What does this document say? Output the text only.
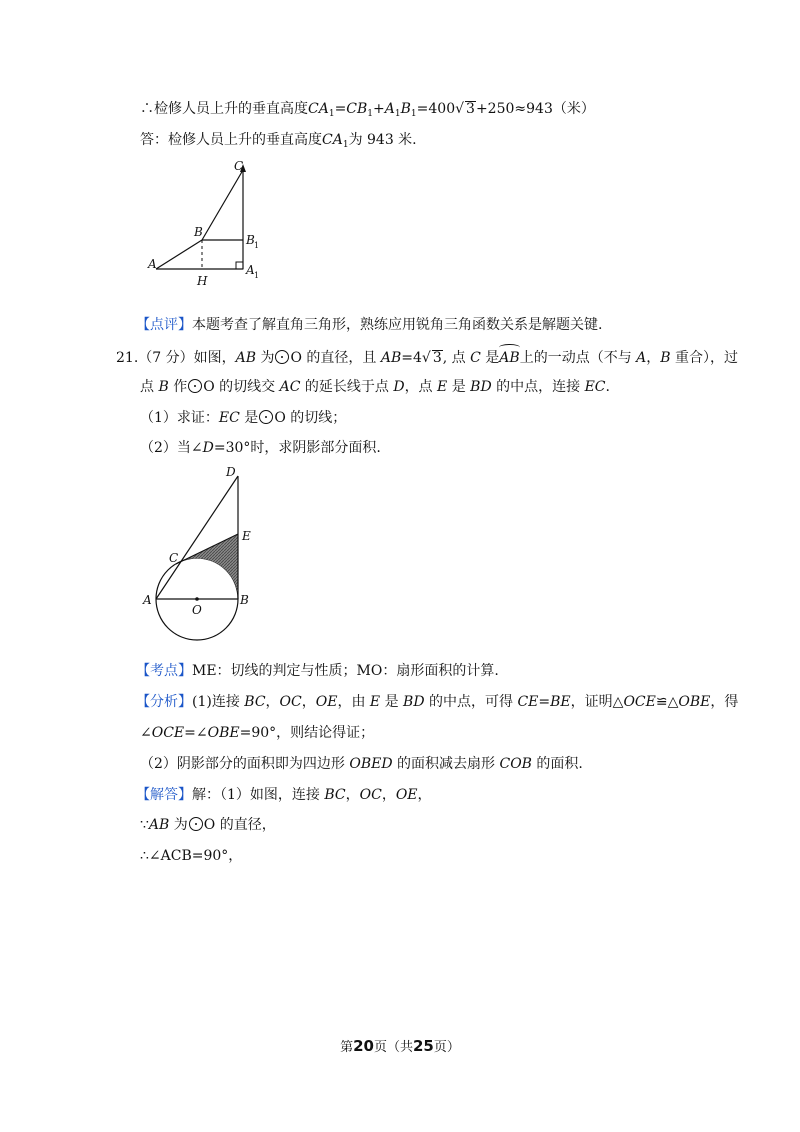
∴检修人员上升的垂直高度$CA_1=CB_1+A_1B_1=400√$ 3+250≈943（米）
答：检修人员上升的垂直高度$CA_1$为 943 米.
C
B
B 1
A	A 1
H
【点评】本题考查了解直角三角形，熟练应用锐角三角函数关系是解题关键.
21.（7 分）如图，AB 为 O 的直径，且 AB=4√ 3, 点 C 是AB上的一动点（不与 A，B 重合），过
点 B 作 O 的切线交 AC 的延长线于点 D，点 E 是 BD 的中点，连接 EC.
（1）求证：EC 是 O 的切线；
（2）当∠D=30°时，求阴影部分面积.
D
E
C
A
O
B
【考点】ME：切线的判定与性质；MO：扇形面积的计算.
【分析】(1)连接 BC，OC，OE，由 E 是 BD 的中点，可得 CE=BE，证明△OCE≌△OBE，得
∠OCE=∠OBE=90°，则结论得证；
（2）阴影部分的面积即为四边形 OBED 的面积减去扇形 COB 的面积.
【解答】解：（1）如图，连接 BC，OC，OE，
∵AB 为 O 的直径，
∴∠ACB=90°，
第20页（共25页）
